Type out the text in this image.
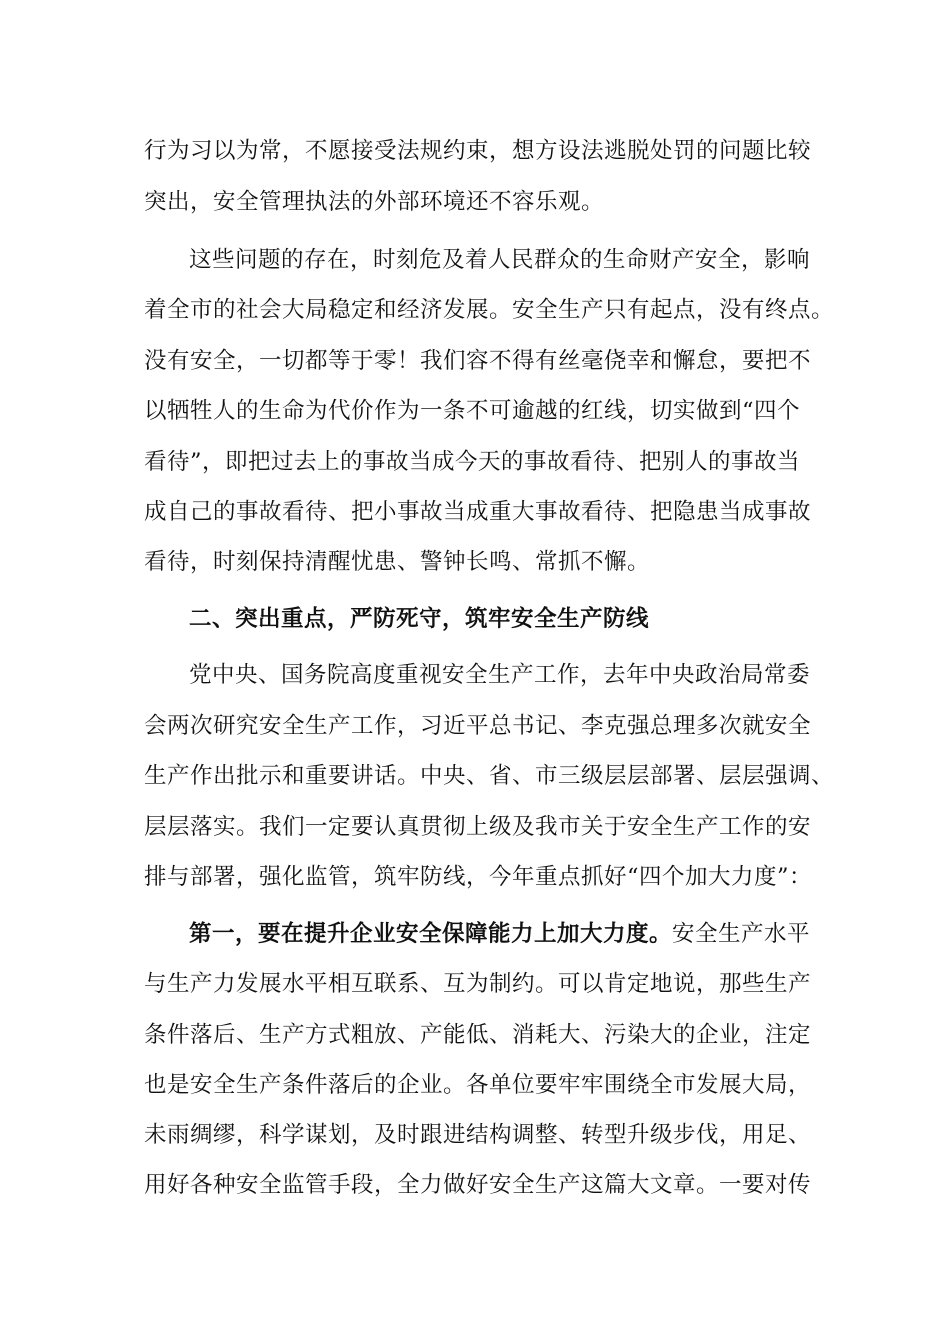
行为习以为常，不愿接受法规约束，想方设法逃脱处罚的问题比较
突出，安全管理执法的外部环境还不容乐观。
这些问题的存在，时刻危及着人民群众的生命财产安全，影响
着全市的社会大局稳定和经济发展。安全生产只有起点，没有终点。
没有安全，一切都等于零！我们容不得有丝毫侥幸和懈怠，要把不
以牺牲人的生命为代价作为一条不可逾越的红线，切实做到“四个
看待”，即把过去上的事故当成今天的事故看待、把别人的事故当
成自己的事故看待、把小事故当成重大事故看待、把隐患当成事故
看待，时刻保持清醒忧患、警钟长鸣、常抓不懈。
二、突出重点，严防死守，筑牢安全生产防线
党中央、国务院高度重视安全生产工作，去年中央政治局常委
会两次研究安全生产工作，习近平总书记、李克强总理多次就安全
生产作出批示和重要讲话。中央、省、市三级层层部署、层层强调、
层层落实。我们一定要认真贯彻上级及我市关于安全生产工作的安
排与部署，强化监管，筑牢防线，今年重点抓好“四个加大力度”：
第一，要在提升企业安全保障能力上加大力度。安全生产水平
与生产力发展水平相互联系、互为制约。可以肯定地说，那些生产
条件落后、生产方式粗放、产能低、消耗大、污染大的企业，注定
也是安全生产条件落后的企业。各单位要牢牢围绕全市发展大局，
未雨绸缪，科学谋划，及时跟进结构调整、转型升级步伐，用足、
用好各种安全监管手段，全力做好安全生产这篇大文章。一要对传
